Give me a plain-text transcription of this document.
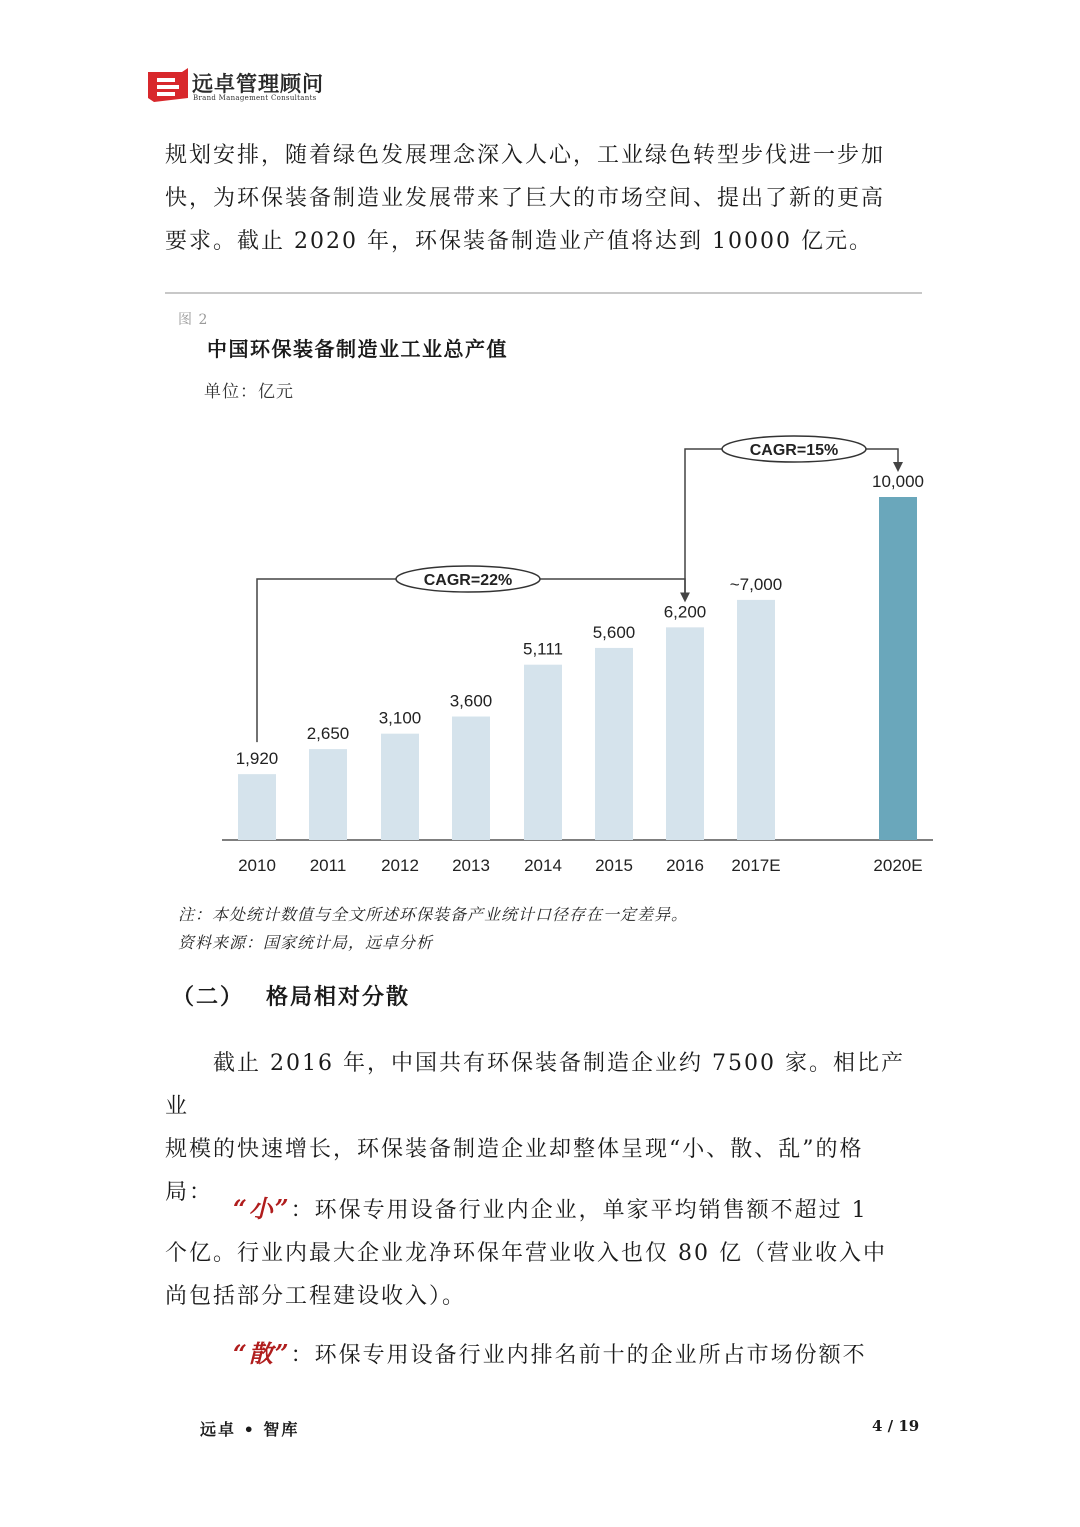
远卓管理顾问
Brand Management Consultants

规划安排，随着绿色发展理念深入人心，工业绿色转型步伐进一步加

快，为环保装备制造业发展带来了巨大的市场空间、提出了新的更高

要求。截止 2020 年，环保装备制造业产值将达到 10000 亿元。

图 2
中国环保装备制造业工业总产值
单位：亿元
1,920
2010
2,650
2011
3,100
2012
3,600
2013
5,111
2014
5,600
2015
6,200
2016
~7,000
2017E
10,000
2020E
CAGR=22%
CAGR=15%
注：本处统计数值与全文所述环保装备产业统计口径存在一定差异。
资料来源：国家统计局，远卓分析
（二） 格局相对分散

截止 2016 年，中国共有环保装备制造企业约 7500 家。相比产业

规模的快速增长，环保装备制造企业却整体呈现“小、散、乱”的格

局：

“小”：环保专用设备行业内企业，单家平均销售额不超过 1

个亿。行业内最大企业龙净环保年营业收入也仅 80 亿（营业收入中

尚包括部分工程建设收入）。

“散”：环保专用设备行业内排名前十的企业所占市场份额不

远卓 • 智库	4 / 19
